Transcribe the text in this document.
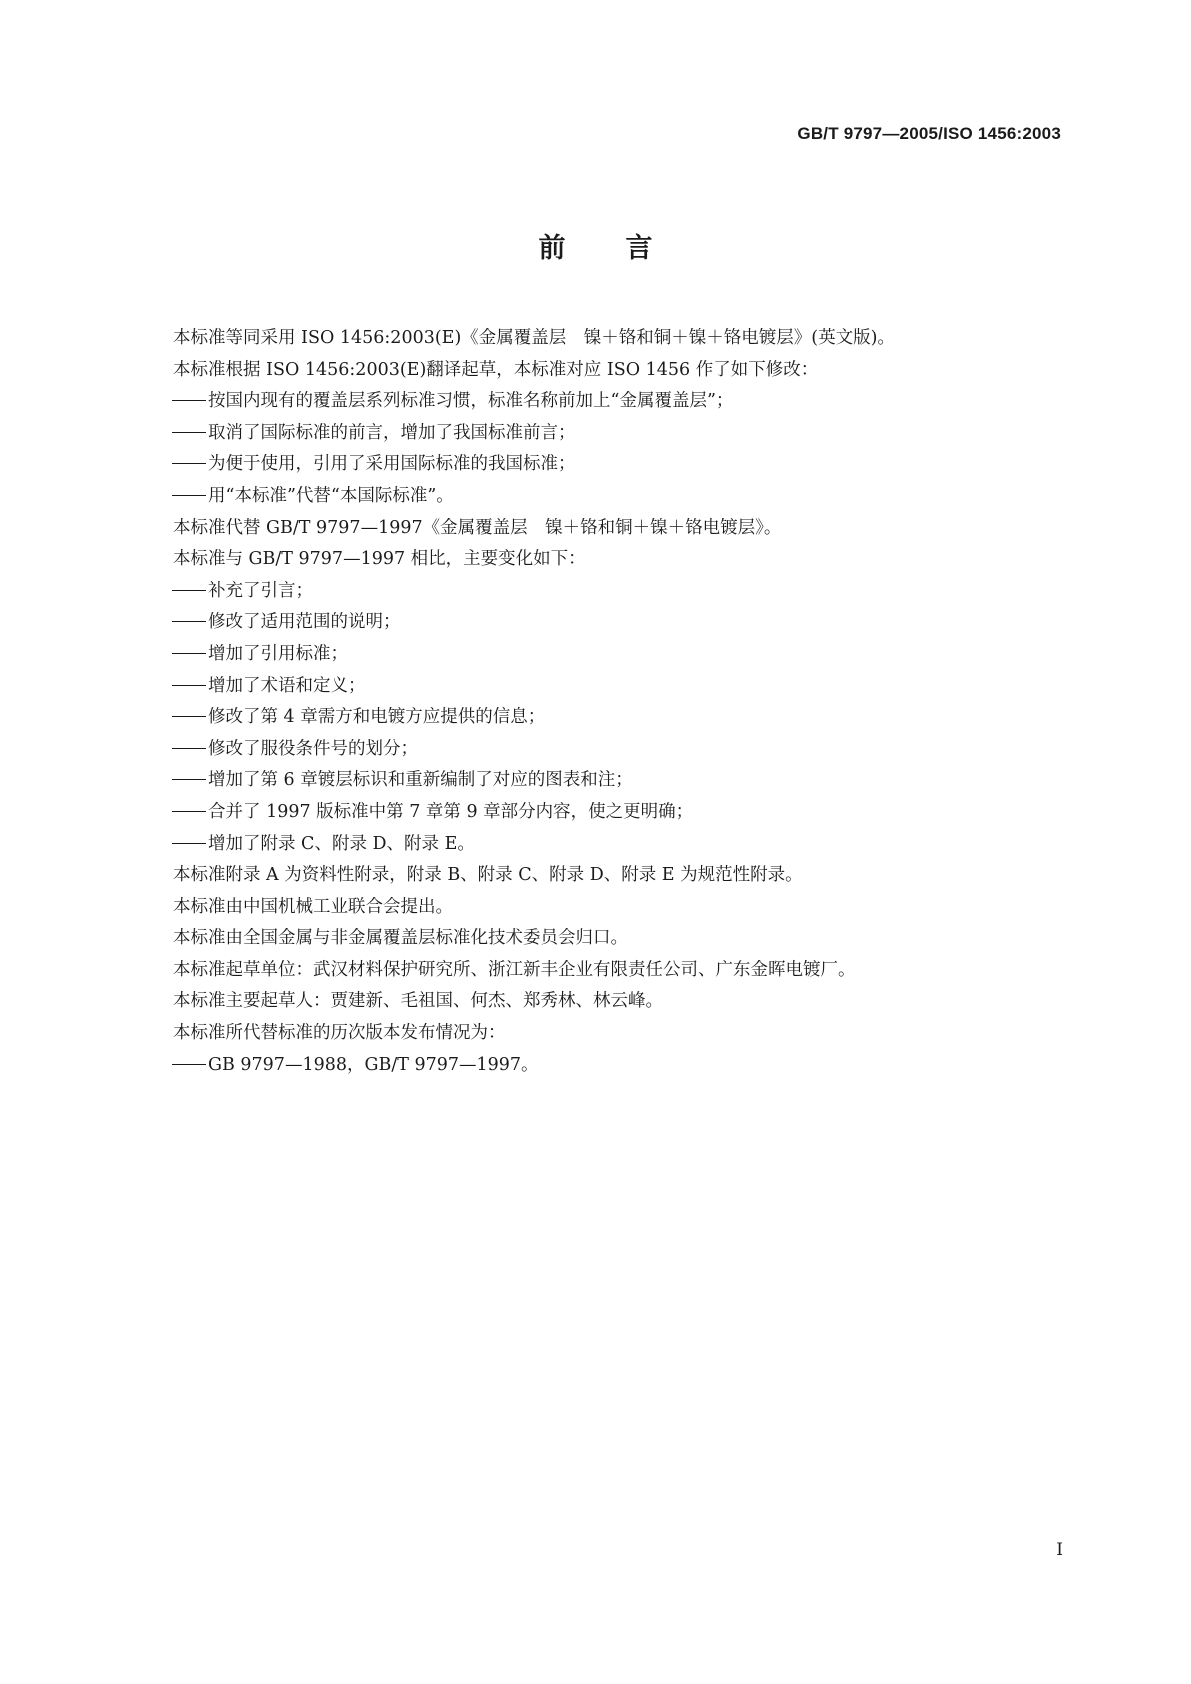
GB/T 9797—2005/ISO 1456:2003
前言
本标准等同采用 ISO 1456:2003(E)《金属覆盖层　镍＋铬和铜＋镍＋铬电镀层》(英文版)。
本标准根据 ISO 1456:2003(E)翻译起草，本标准对应 ISO 1456 作了如下修改：
按国内现有的覆盖层系列标准习惯，标准名称前加上“金属覆盖层”；
取消了国际标准的前言，增加了我国标准前言；
为便于使用，引用了采用国际标准的我国标准；
用“本标准”代替“本国际标准”。
本标准代替 GB/T 9797—1997《金属覆盖层　镍＋铬和铜＋镍＋铬电镀层》。
本标准与 GB/T 9797—1997 相比，主要变化如下：
补充了引言；
修改了适用范围的说明；
增加了引用标准；
增加了术语和定义；
修改了第 4 章需方和电镀方应提供的信息；
修改了服役条件号的划分；
增加了第 6 章镀层标识和重新编制了对应的图表和注；
合并了 1997 版标准中第 7 章第 9 章部分内容，使之更明确；
增加了附录 C、附录 D、附录 E。
本标准附录 A 为资料性附录，附录 B、附录 C、附录 D、附录 E 为规范性附录。
本标准由中国机械工业联合会提出。
本标准由全国金属与非金属覆盖层标准化技术委员会归口。
本标准起草单位：武汉材料保护研究所、浙江新丰企业有限责任公司、广东金晖电镀厂。
本标准主要起草人：贾建新、毛祖国、何杰、郑秀林、林云峰。
本标准所代替标准的历次版本发布情况为：
GB 9797—1988，GB/T 9797—1997。
I
